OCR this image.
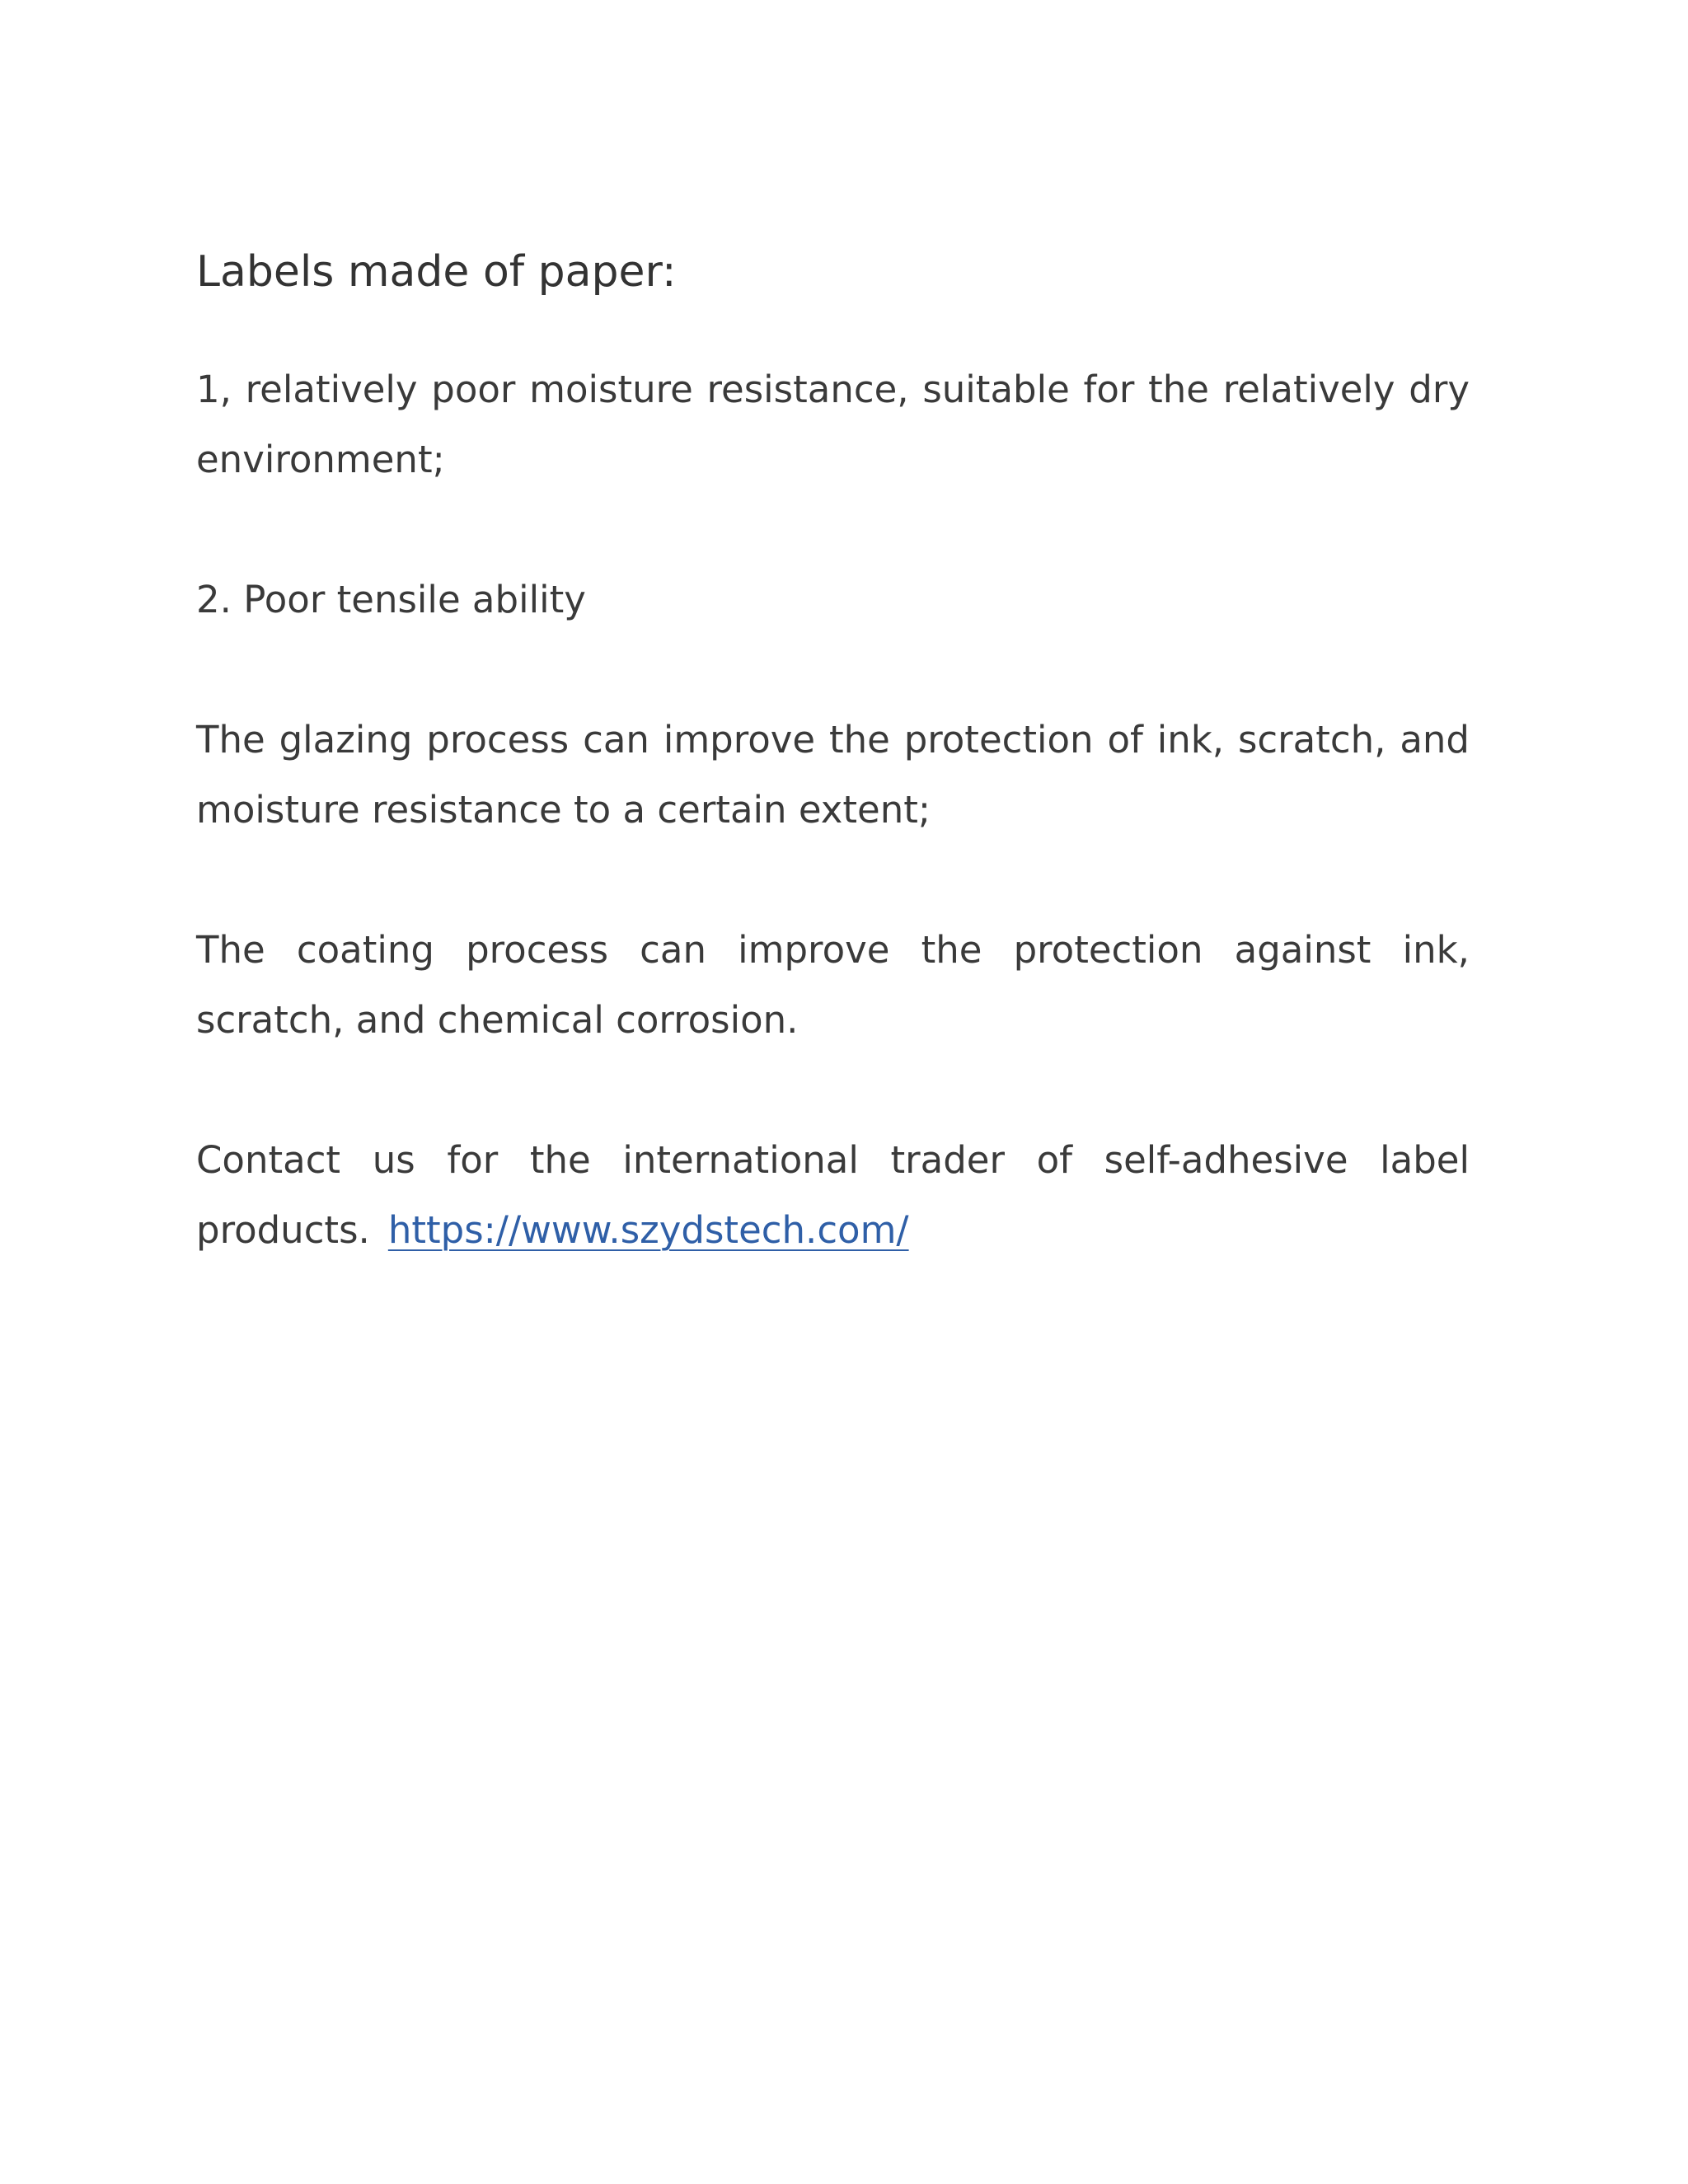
Labels made of paper:

1, relatively poor moisture resistance, suitable for the relatively dry environment;

2. Poor tensile ability

The glazing process can improve the protection of ink, scratch, and moisture resistance to a certain extent;

The coating process can improve the protection against ink, scratch, and chemical corrosion.

Contact us for the international trader of self-adhesive label products. https://www.szydstech.com/
